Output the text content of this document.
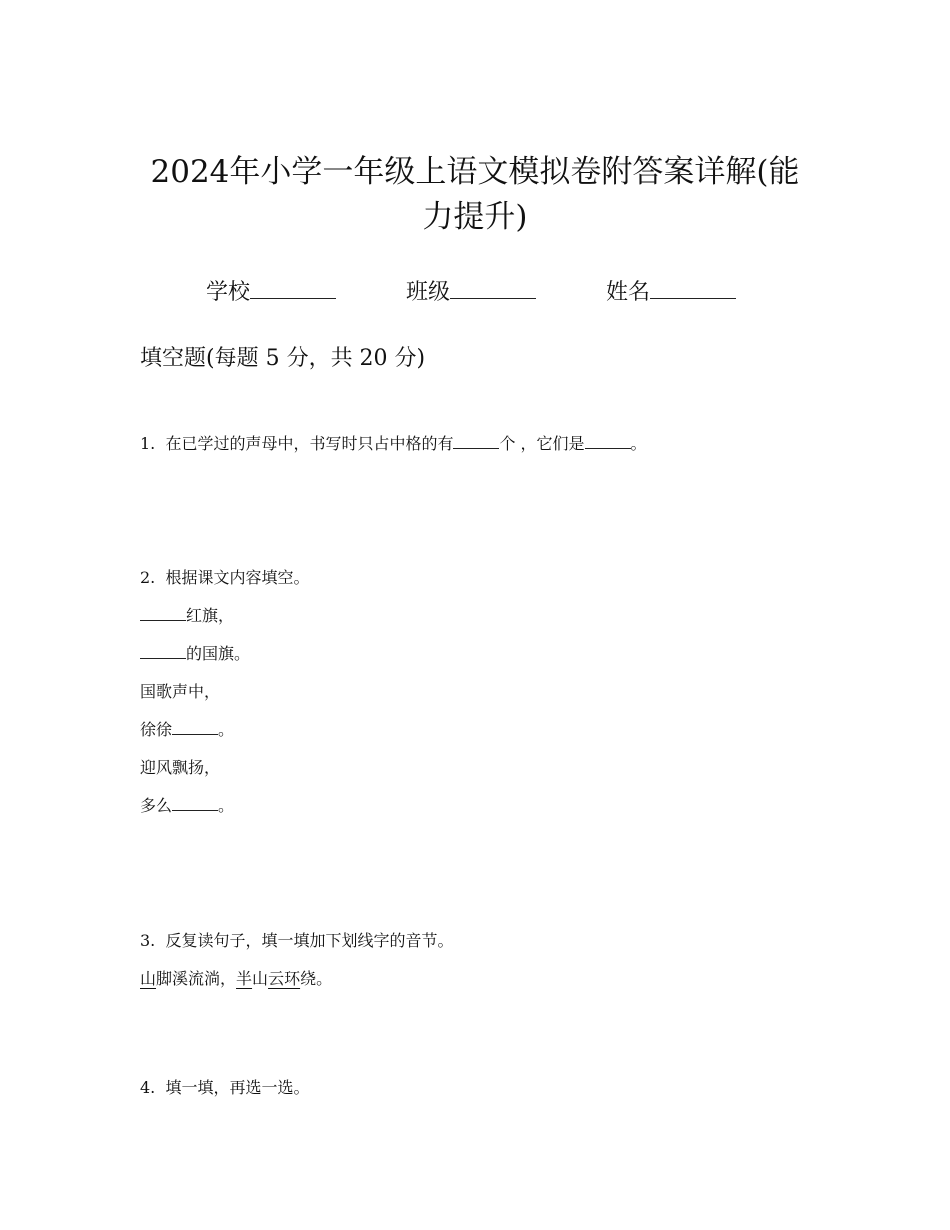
2024年小学一年级上语文模拟卷附答案详解(能
力提升)
学校	班级	姓名
填空题(每题 5 分，共 20 分)
1. 在已学过的声母中，书写时只占中格的有	个 ，它们是	。
2. 根据课文内容填空。
红旗，
的国旗。
国歌声中，
徐徐	。
迎风飘扬，
多么	。
3. 反复读句子，填一填加下划线字的音节。
山脚溪流淌，半山云环绕。
4. 填一填，再选一选。
